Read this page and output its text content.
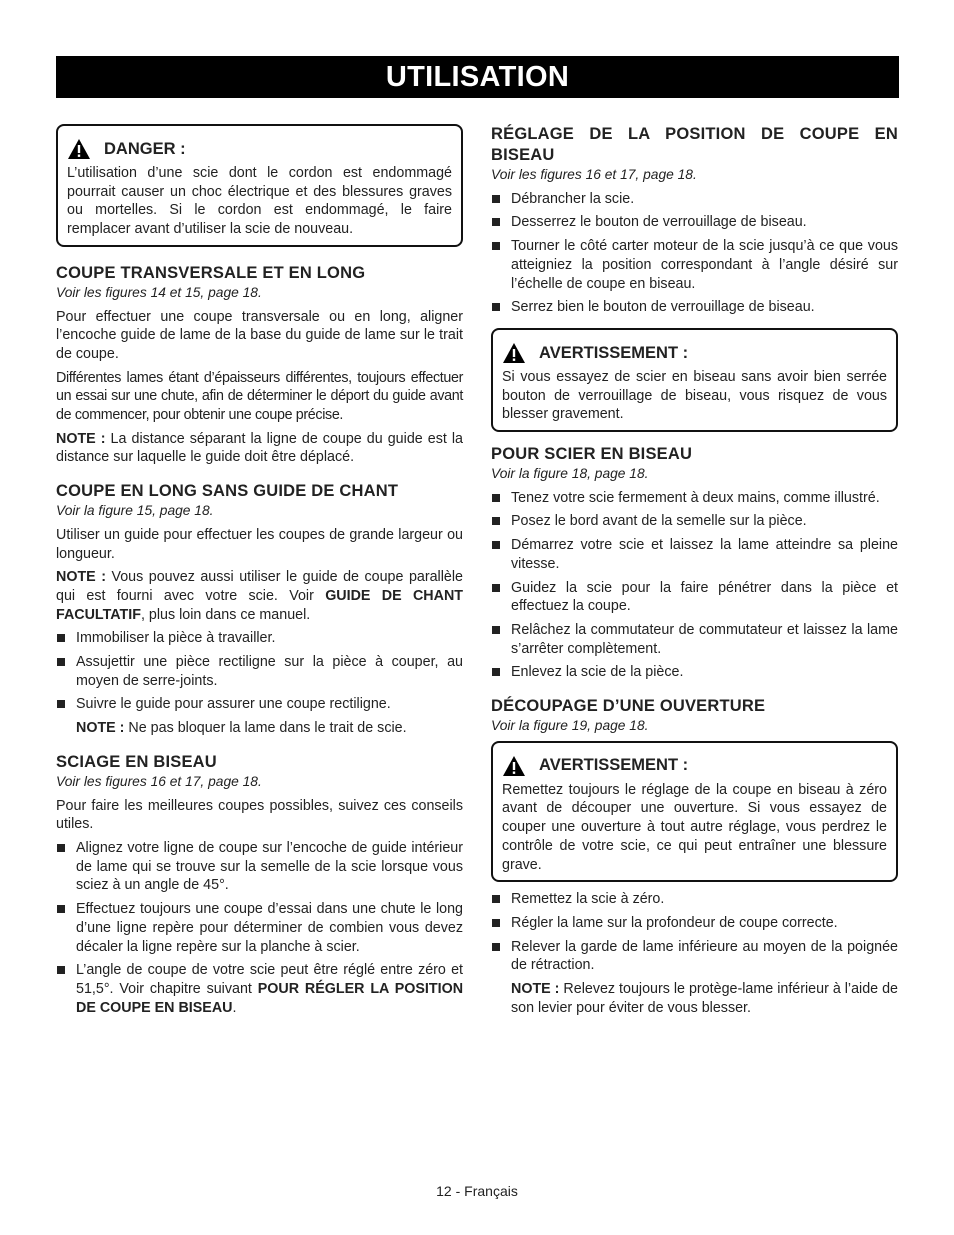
UTILISATION
DANGER :

L’utilisation d’une scie dont le cordon est endommagé pourrait causer un choc électrique et des blessures graves ou mortelles. Si le cordon est endommagé, le faire remplacer avant d’utiliser la scie de nouveau.

COUPE TRANSVERSALE ET EN LONG
Voir les figures 14 et 15, page 18.

Pour effectuer une coupe transversale ou en long, aligner l’encoche guide de lame de la base du guide de lame sur le trait de coupe.

Différentes lames étant d’épaisseurs différentes, toujours effectuer un essai sur une chute, afin de déterminer le déport du guide avant de commencer, pour obtenir une coupe précise.

NOTE : La distance séparant la ligne de coupe du guide est la distance sur laquelle le guide doit être déplacé.

COUPE EN LONG SANS GUIDE DE CHANT
Voir la figure 15, page 18.

Utiliser un guide pour effectuer les coupes de grande largeur ou longueur.

NOTE : Vous pouvez aussi utiliser le guide de coupe parallèle qui est fourni avec votre scie. Voir GUIDE DE CHANT FACULTATIF, plus loin dans ce manuel.

Immobiliser la pièce à travailler.
Assujettir une pièce rectiligne sur la pièce à couper, au moyen de serre-joints.
Suivre le guide pour assurer une coupe rectiligne.

NOTE : Ne pas bloquer la lame dans le trait de scie.

SCIAGE EN BISEAU
Voir les figures 16 et 17, page 18.

Pour faire les meilleures coupes possibles, suivez ces conseils utiles.

Alignez votre ligne de coupe sur l’encoche de guide intérieur de lame qui se trouve sur la semelle de la scie lorsque vous sciez à un angle de 45°.
Effectuez toujours une coupe d’essai dans une chute le long d’une ligne repère pour déterminer de combien vous devez décaler la ligne repère sur la planche à scier.
L’angle de coupe de votre scie peut être réglé entre zéro et 51,5°. Voir chapitre suivant POUR RÉGLER LA POSITION DE COUPE EN BISEAU.
RÉGLAGE DE LA POSITION DE COUPE EN BISEAU
Voir les figures 16 et 17, page 18.
Débrancher la scie.
Desserrez le bouton de verrouillage de biseau.
Tourner le côté carter moteur de la scie jusqu’à ce que vous atteigniez la position correspondant à l’angle désiré sur l’échelle de coupe en biseau.
Serrez bien le bouton de verrouillage de biseau.
AVERTISSEMENT :

Si vous essayez de scier en biseau sans avoir bien serrée bouton de verrouillage de biseau, vous risquez de vous blesser gravement.

POUR SCIER EN BISEAU
Voir la figure 18, page 18.
Tenez votre scie fermement à deux mains, comme illustré.
Posez le bord avant de la semelle sur la pièce.
Démarrez votre scie et laissez la lame atteindre sa pleine vitesse.
Guidez la scie pour la faire pénétrer dans la pièce et effectuez la coupe.
Relâchez la commutateur de commutateur et laissez la lame s’arrêter complètement.
Enlevez la scie de la pièce.
DÉCOUPAGE D’UNE OUVERTURE
Voir la figure 19, page 18.
AVERTISSEMENT :

Remettez toujours le réglage de la coupe en biseau à zéro avant de découper une ouverture. Si vous essayez de couper une ouverture à tout autre réglage, vous perdrez le contrôle de votre scie, ce qui peut entraîner une blessure grave.

Remettez la scie à zéro.
Régler la lame sur la profondeur de coupe correcte.
Relever la garde de lame inférieure au moyen de la poignée de rétraction.

NOTE : Relevez toujours le protège-lame inférieur à l’aide de son levier pour éviter de vous blesser.

12 - Français
